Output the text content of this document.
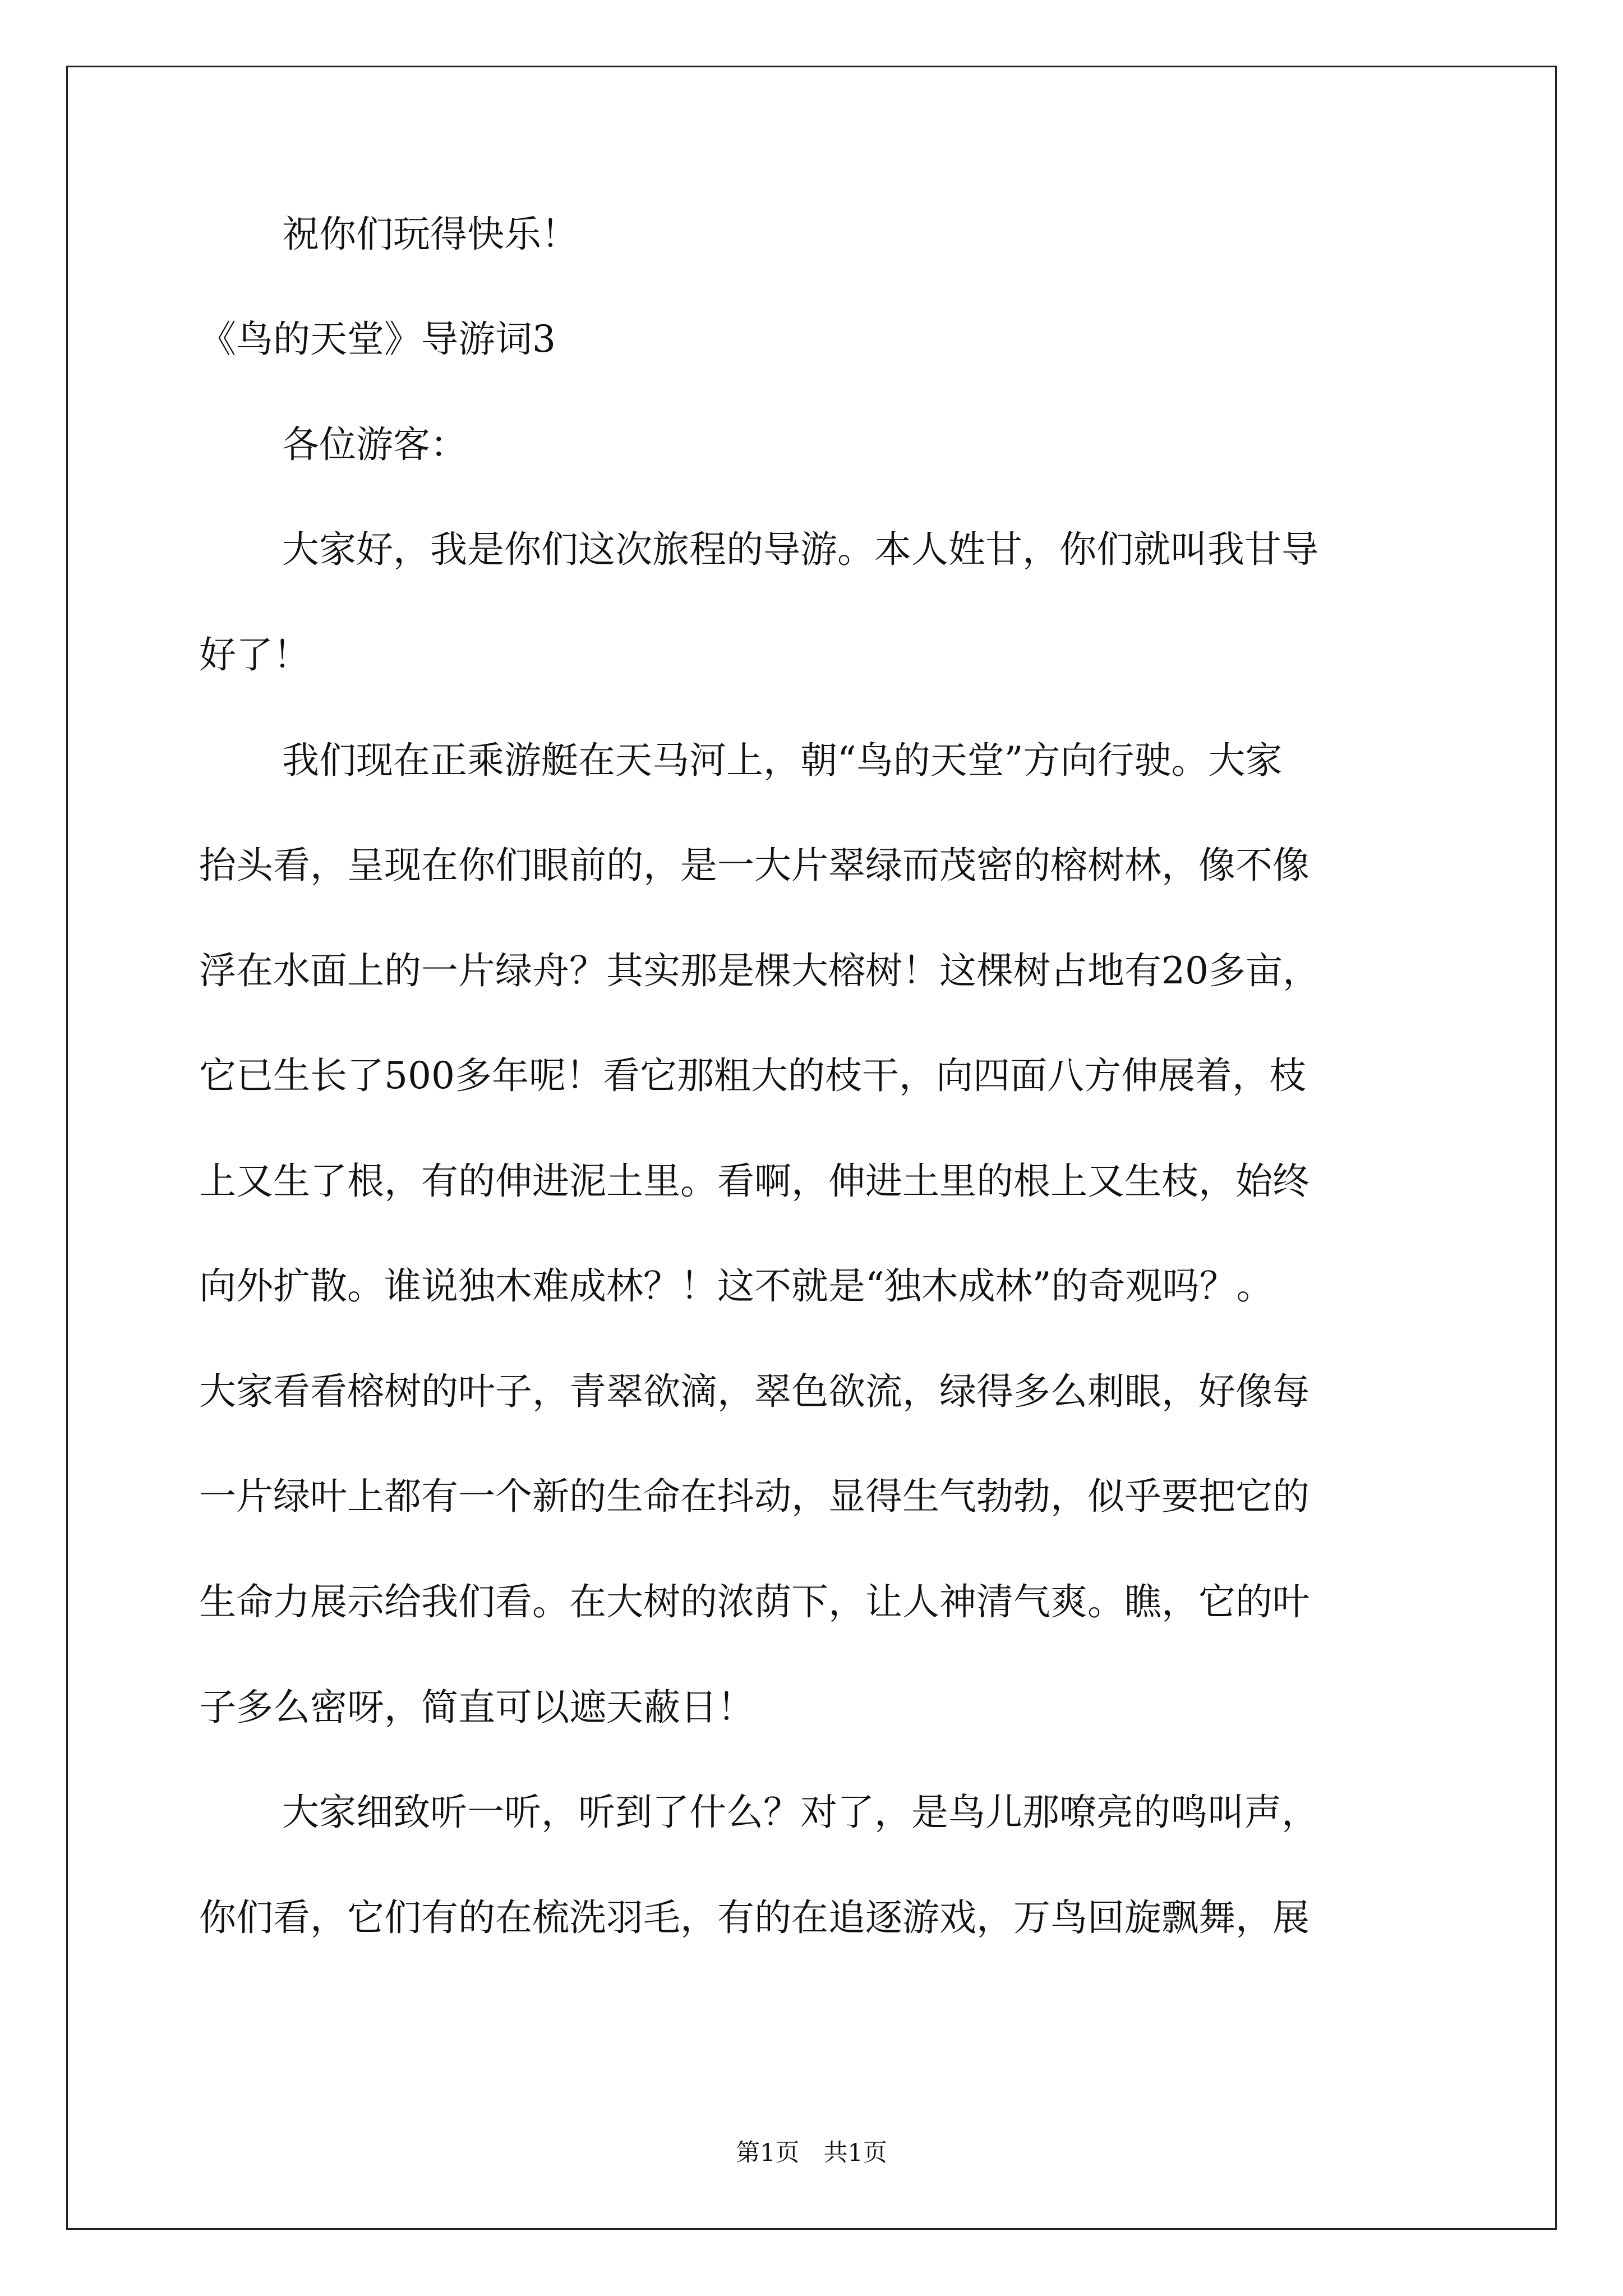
祝你们玩得快乐！
《鸟的天堂》导游词3
各位游客：
大家好，我是你们这次旅程的导游。本人姓甘，你们就叫我甘导
好了！
我们现在正乘游艇在天马河上，朝“鸟的天堂”方向行驶。大家
抬头看，呈现在你们眼前的，是一大片翠绿而茂密的榕树林，像不像
浮在水面上的一片绿舟？其实那是棵大榕树！这棵树占地有20多亩，
它已生长了500多年呢！看它那粗大的枝干，向四面八方伸展着，枝
上又生了根，有的伸进泥土里。看啊，伸进土里的根上又生枝，始终
向外扩散。谁说独木难成林？！这不就是“独木成林”的奇观吗？。
大家看看榕树的叶子，青翠欲滴，翠色欲流，绿得多么刺眼，好像每
一片绿叶上都有一个新的生命在抖动，显得生气勃勃，似乎要把它的
生命力展示给我们看。在大树的浓荫下，让人神清气爽。瞧，它的叶
子多么密呀，简直可以遮天蔽日！
大家细致听一听，听到了什么？对了，是鸟儿那嘹亮的鸣叫声，
你们看，它们有的在梳洗羽毛，有的在追逐游戏，万鸟回旋飘舞，展
第1页　共1页
